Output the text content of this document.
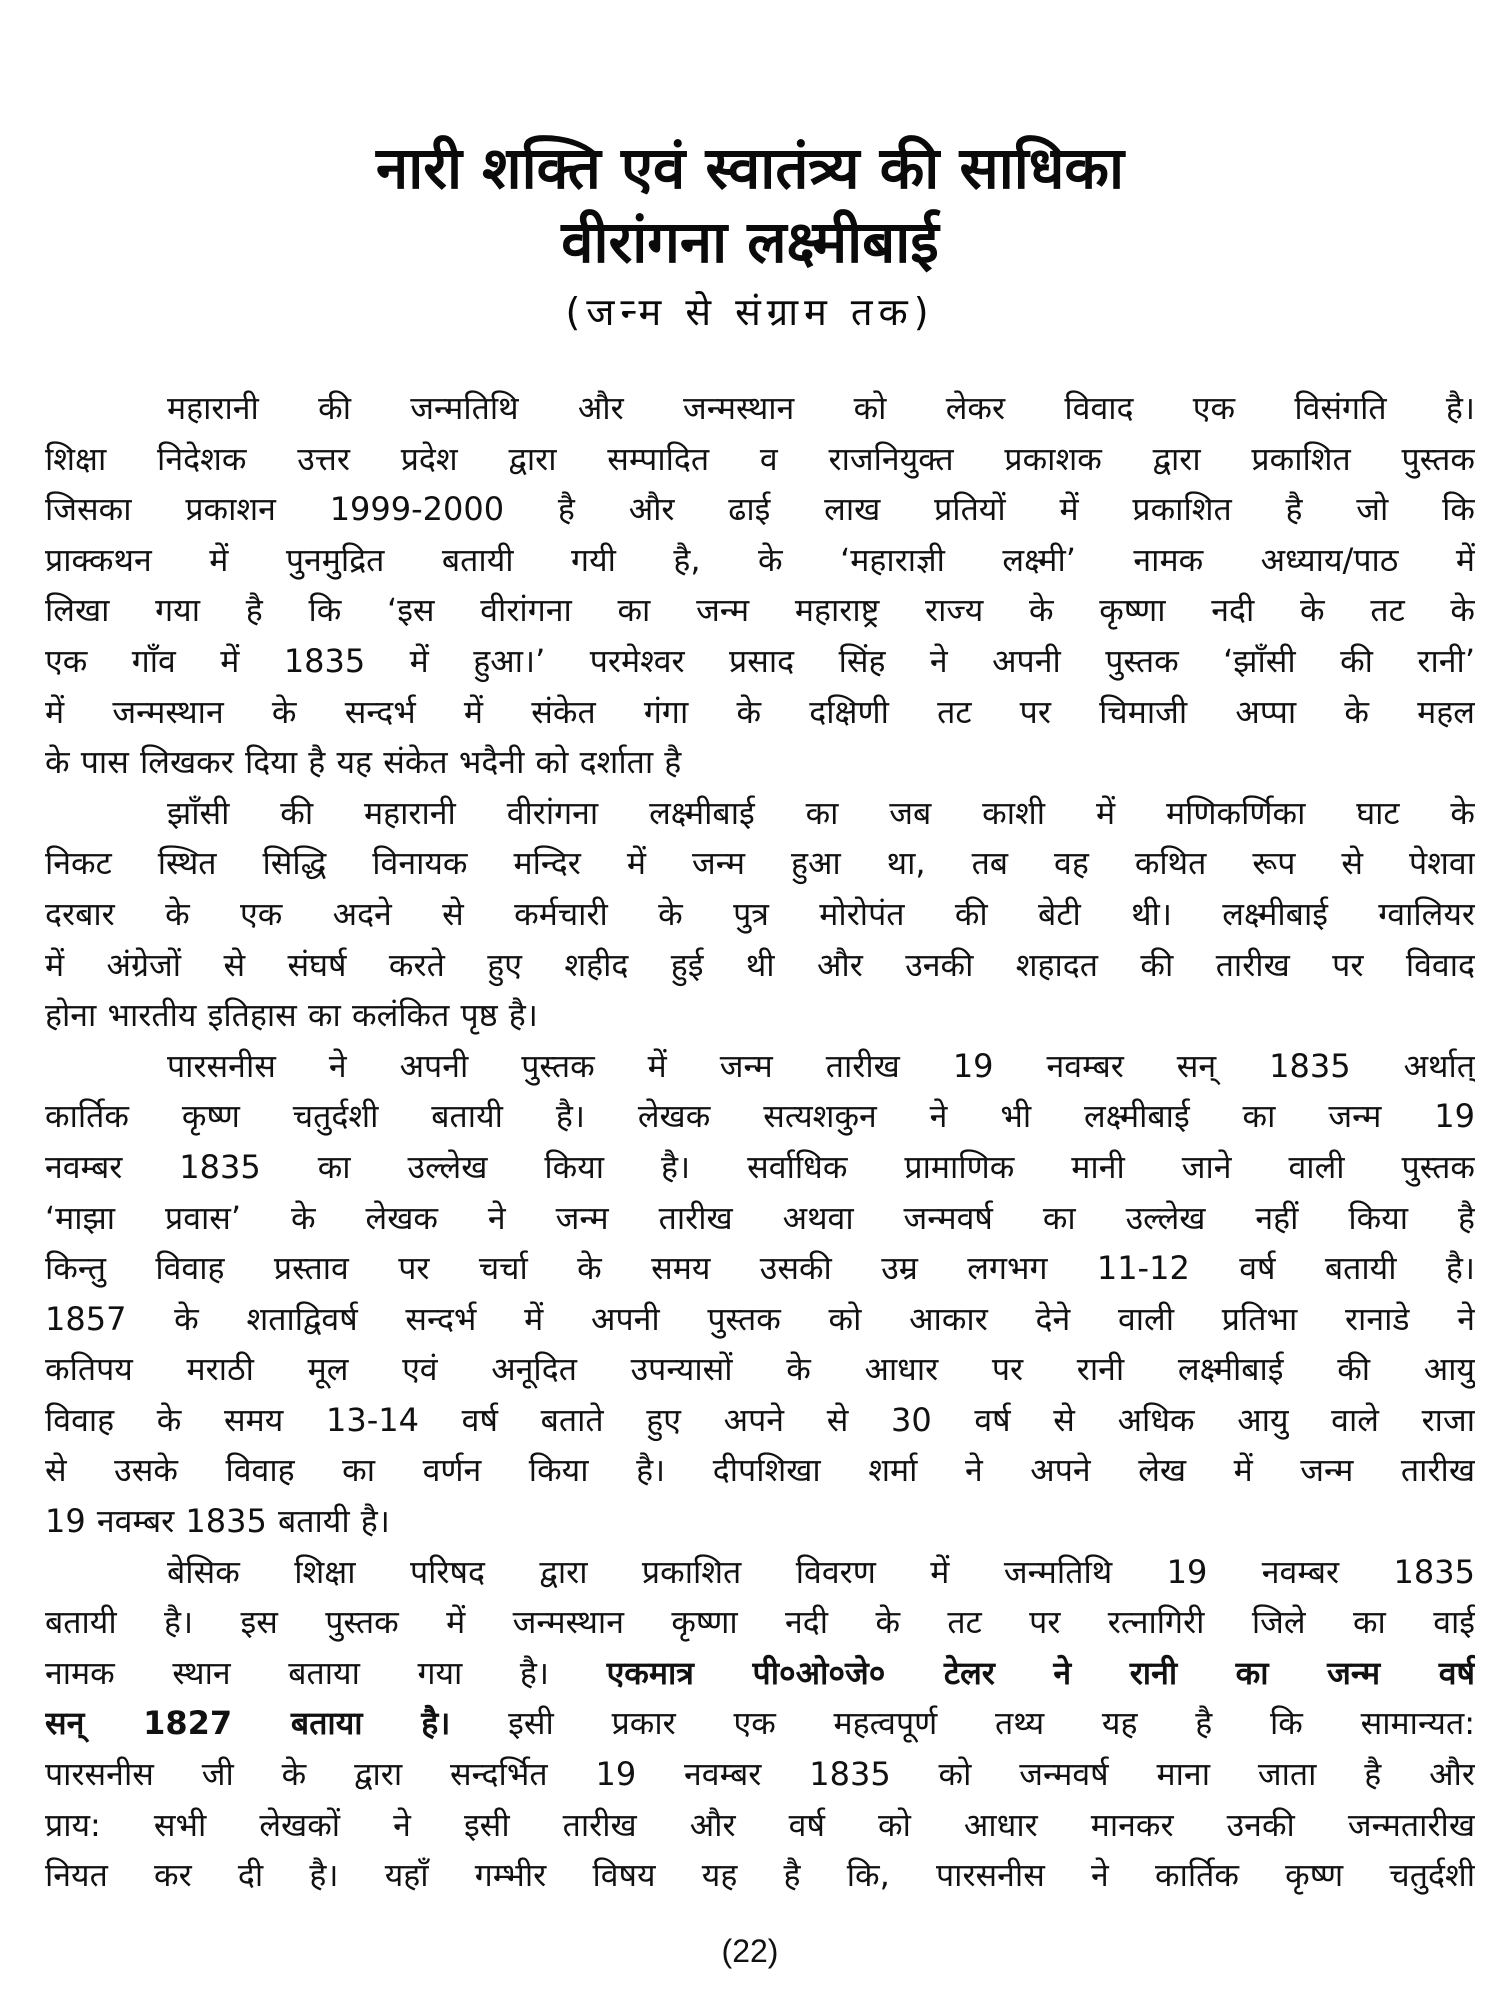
नारी शक्ति एवं स्वातंत्र्य की साधिका
वीरांगना लक्ष्मीबाई
(जन्म से संग्राम तक)
महारानी की जन्मतिथि और जन्मस्थान को लेकर विवाद एक विसंगति है।
शिक्षा निदेशक उत्तर प्रदेश द्वारा सम्पादित व राजनियुक्त प्रकाशक द्वारा प्रकाशित पुस्तक
जिसका प्रकाशन 1999-2000 है और ढाई लाख प्रतियों में प्रकाशित है जो कि
प्राक्कथन में पुनमुद्रित बतायी गयी है, के ‘महाराज्ञी लक्ष्मी’ नामक अध्याय/पाठ में
लिखा गया है कि ‘इस वीरांगना का जन्म महाराष्ट्र राज्य के कृष्णा नदी के तट के
एक गाँव में 1835 में हुआ।’ परमेश्वर प्रसाद सिंह ने अपनी पुस्तक ‘झाँसी की रानी’
में जन्मस्थान के सन्दर्भ में संकेत गंगा के दक्षिणी तट पर चिमाजी अप्पा के महल
के पास लिखकर दिया है यह संकेत भदैनी को दर्शाता है
झाँसी की महारानी वीरांगना लक्ष्मीबाई का जब काशी में मणिकर्णिका घाट के
निकट स्थित सिद्धि विनायक मन्दिर में जन्म हुआ था, तब वह कथित रूप से पेशवा
दरबार के एक अदने से कर्मचारी के पुत्र मोरोपंत की बेटी थी। लक्ष्मीबाई ग्वालियर
में अंग्रेजों से संघर्ष करते हुए शहीद हुई थी और उनकी शहादत की तारीख पर विवाद
होना भारतीय इतिहास का कलंकित पृष्ठ है।
पारसनीस ने अपनी पुस्तक में जन्म तारीख 19 नवम्बर सन् 1835 अर्थात्
कार्तिक कृष्ण चतुर्दशी बतायी है। लेखक सत्यशकुन ने भी लक्ष्मीबाई का जन्म 19
नवम्बर 1835 का उल्लेख किया है। सर्वाधिक प्रामाणिक मानी जाने वाली पुस्तक
‘माझा प्रवास’ के लेखक ने जन्म तारीख अथवा जन्मवर्ष का उल्लेख नहीं किया है
किन्तु विवाह प्रस्ताव पर चर्चा के समय उसकी उम्र लगभग 11-12 वर्ष बतायी है।
1857 के शताद्विवर्ष सन्दर्भ में अपनी पुस्तक को आकार देने वाली प्रतिभा रानाडे ने
कतिपय मराठी मूल एवं अनूदित उपन्यासों के आधार पर रानी लक्ष्मीबाई की आयु
विवाह के समय 13-14 वर्ष बताते हुए अपने से 30 वर्ष से अधिक आयु वाले राजा
से उसके विवाह का वर्णन किया है। दीपशिखा शर्मा ने अपने लेख में जन्म तारीख
19 नवम्बर 1835 बतायी है।
बेसिक शिक्षा परिषद द्वारा प्रकाशित विवरण में जन्मतिथि 19 नवम्बर 1835
बतायी है। इस पुस्तक में जन्मस्थान कृष्णा नदी के तट पर रत्नागिरी जिले का वाई
नामक स्थान बताया गया है। एकमात्र पी०ओ०जे० टेलर ने रानी का जन्म वर्ष
सन् 1827 बताया है। इसी प्रकार एक महत्वपूर्ण तथ्य यह है कि सामान्यत:
पारसनीस जी के द्वारा सन्दर्भित 19 नवम्बर 1835 को जन्मवर्ष माना जाता है और
प्राय: सभी लेखकों ने इसी तारीख और वर्ष को आधार मानकर उनकी जन्मतारीख
नियत कर दी है। यहाँ गम्भीर विषय यह है कि, पारसनीस ने कार्तिक कृष्ण चतुर्दशी
(22)
